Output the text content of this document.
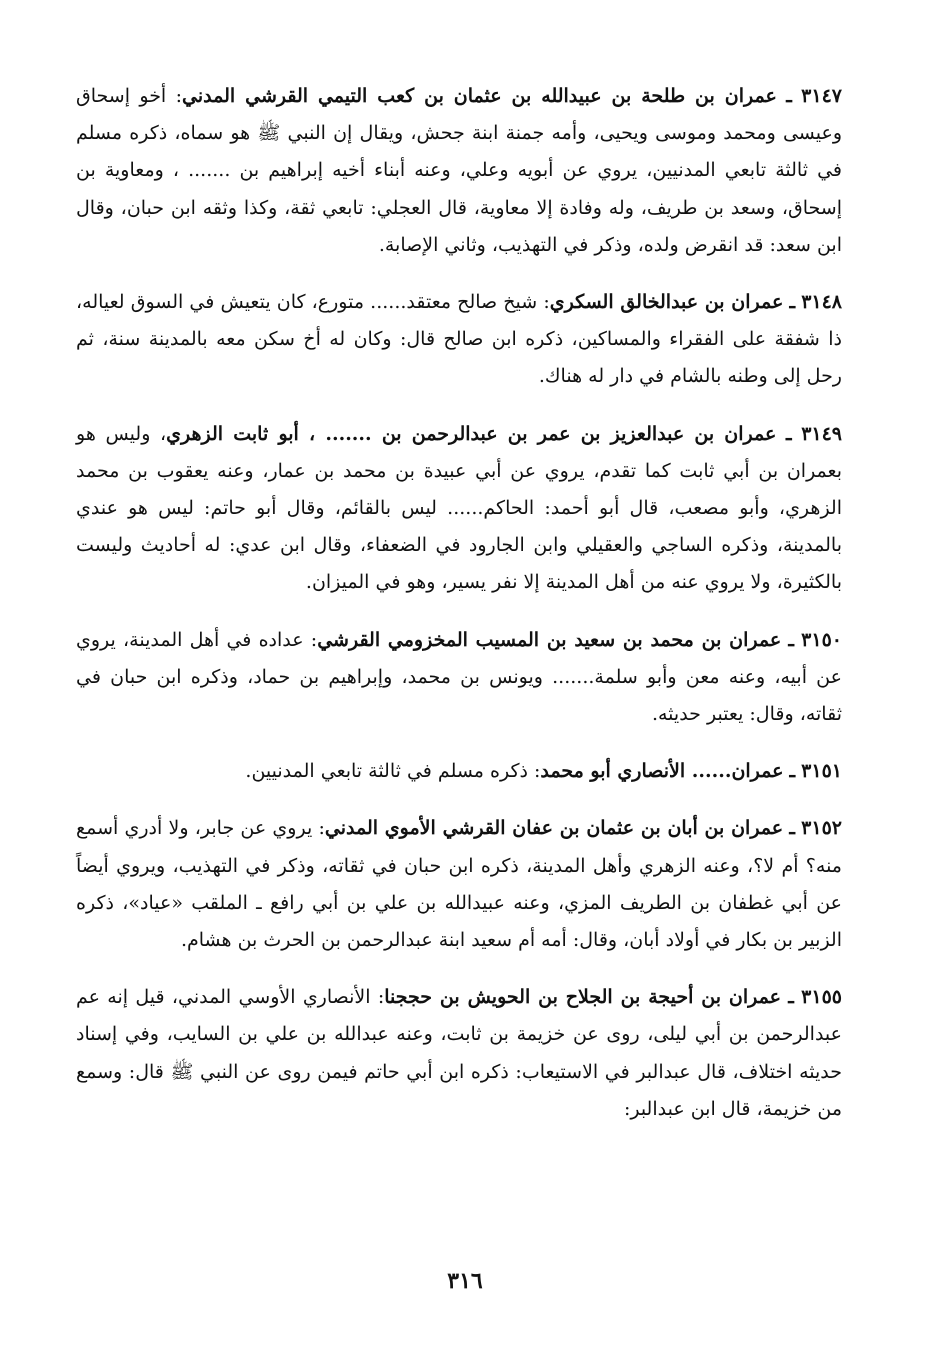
٣١٤٧ ـ عمران بن طلحة بن عبيدالله بن عثمان بن كعب التيمي القرشي المدني: أخو إسحاق وعيسى ومحمد وموسى ويحيى، وأمه جمنة ابنة جحش، ويقال إن النبي ﷺ هو سماه، ذكره مسلم في ثالثة تابعي المدنيين، يروي عن أبويه وعلي، وعنه أبناء أخيه إبراهيم بن ....... ، ومعاوية بن إسحاق، وسعد بن طريف، وله وفادة إلا معاوية، قال العجلي: تابعي ثقة، وكذا وثقه ابن حبان، وقال ابن سعد: قد انقرض ولده، وذكر في التهذيب، وثاني الإصابة.

٣١٤٨ ـ عمران بن عبدالخالق السكري: شيخ صالح معتقد...... متورع، كان يتعيش في السوق لعياله، ذا شفقة على الفقراء والمساكين، ذكره ابن صالح قال: وكان له أخ سكن معه بالمدينة سنة، ثم رحل إلى وطنه بالشام في دار له هناك.

٣١٤٩ ـ عمران بن عبدالعزيز بن عمر بن عبدالرحمن بن ....... ، أبو ثابت الزهري، وليس هو بعمران بن أبي ثابت كما تقدم، يروي عن أبي عبيدة بن محمد بن عمار، وعنه يعقوب بن محمد الزهري، وأبو مصعب، قال أبو أحمد: الحاكم...... ليس بالقائم، وقال أبو حاتم: ليس هو عندي بالمدينة، وذكره الساجي والعقيلي وابن الجارود في الضعفاء، وقال ابن عدي: له أحاديث وليست بالكثيرة، ولا يروي عنه من أهل المدينة إلا نفر يسير، وهو في الميزان.

٣١٥٠ ـ عمران بن محمد بن سعيد بن المسيب المخزومي القرشي: عداده في أهل المدينة، يروي عن أبيه، وعنه معن وأبو سلمة....... ويونس بن محمد، وإبراهيم بن حماد، وذكره ابن حبان في ثقاته، وقال: يعتبر حديثه.

٣١٥١ ـ عمران...... الأنصاري أبو محمد: ذكره مسلم في ثالثة تابعي المدنيين.

٣١٥٢ ـ عمران بن أبان بن عثمان بن عفان القرشي الأموي المدني: يروي عن جابر، ولا أدري أسمع منه؟ أم لا؟، وعنه الزهري وأهل المدينة، ذكره ابن حبان في ثقاته، وذكر في التهذيب، ويروي أيضاً عن أبي غطفان بن الطريف المزي، وعنه عبيدالله بن علي بن أبي رافع ـ الملقب «عياد»، ذكره الزبير بن بكار في أولاد أبان، وقال: أمه أم سعيد ابنة عبدالرحمن بن الحرث بن هشام.

٣١٥٥ ـ عمران بن أحيجة بن الجلاح بن الحويش بن حججنا: الأنصاري الأوسي المدني، قيل إنه عم عبدالرحمن بن أبي ليلى، روى عن خزيمة بن ثابت، وعنه عبدالله بن علي بن السايب، وفي إسناد حديثه اختلاف، قال عبدالبر في الاستيعاب: ذكره ابن أبي حاتم فيمن روى عن النبي ﷺ قال: وسمع من خزيمة، قال ابن عبدالبر:

٣١٦
